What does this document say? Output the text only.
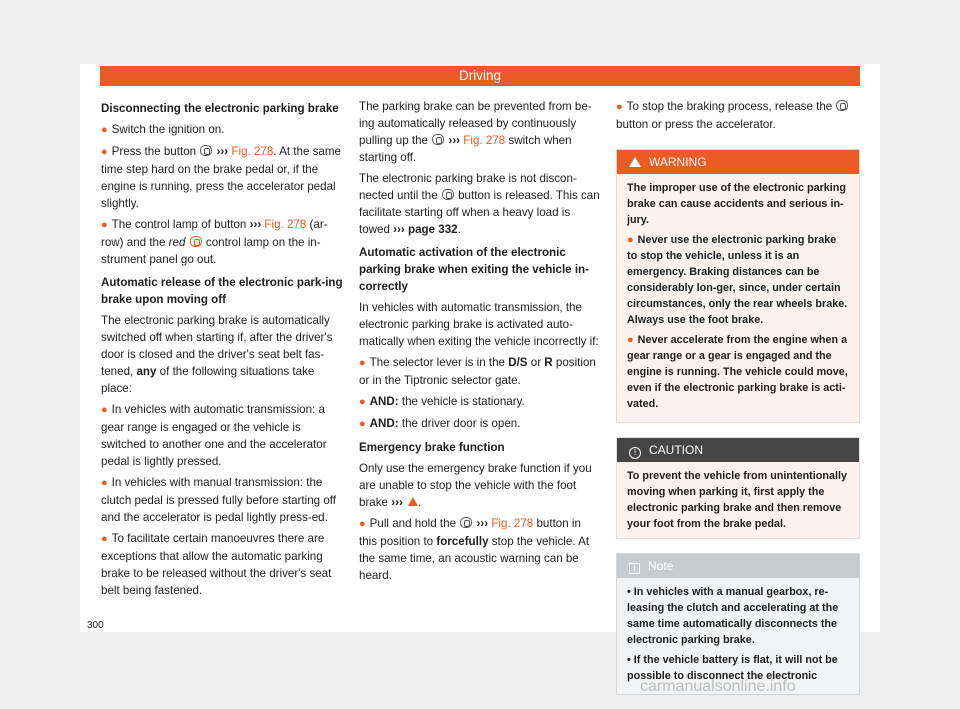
Driving

Disconnecting the electronic parking brake

● Switch the ignition on.

● Press the button ››› Fig. 278. At the same time step hard on the brake pedal or, if the engine is running, press the accelerator pedal slightly.

● The control lamp of button ››› Fig. 278 (ar-row) and the red  control lamp on the in-strument panel go out.

Automatic release of the electronic park-ing brake upon moving off

The electronic parking brake is automatically switched off when starting if, after the driver's door is closed and the driver's seat belt fas-tened, any of the following situations take place:

● In vehicles with automatic transmission: a gear range is engaged or the vehicle is switched to another one and the accelerator pedal is lightly pressed.

● In vehicles with manual transmission: the clutch pedal is pressed fully before starting off and the accelerator is pedal lightly press-ed.

● To facilitate certain manoeuvres there are exceptions that allow the automatic parking brake to be released without the driver's seat belt being fastened.

The parking brake can be prevented from be-ing automatically released by continuously pulling up the ››› Fig. 278 switch when starting off.

The electronic parking brake is not discon-nected until the  button is released. This can facilitate starting off when a heavy load is towed ››› page 332.

Automatic activation of the electronic parking brake when exiting the vehicle in-correctly

In vehicles with automatic transmission, the electronic parking brake is activated auto-matically when exiting the vehicle incorrectly if:

● The selector lever is in the D/S or R position or in the Tiptronic selector gate.

● AND: the vehicle is stationary.

● AND: the driver door is open.

Emergency brake function

Only use the emergency brake function if you are unable to stop the vehicle with the foot brake ››› .

● Pull and hold the ››› Fig. 278 button in this position to forcefully stop the vehicle. At the same time, an acoustic warning can be heard.

● To stop the braking process, release the
button or press the accelerator.

WARNING

The improper use of the electronic parking brake can cause accidents and serious in-jury.

● Never use the electronic parking brake to stop the vehicle, unless it is an emergency. Braking distances can be considerably lon-ger, since, under certain circumstances, only the rear wheels brake. Always use the foot brake.

● Never accelerate from the engine when a gear range or a gear is engaged and the engine is running. The vehicle could move, even if the electronic parking brake is acti-vated.

! CAUTION
To prevent the vehicle from unintentionally moving when parking it, first apply the electronic parking brake and then remove your foot from the brake pedal.
i Note

• In vehicles with a manual gearbox, re-leasing the clutch and accelerating at the same time automatically disconnects the electronic parking brake.

• If the vehicle battery is flat, it will not be possible to disconnect the electronic

300
carmanualsonline.info
